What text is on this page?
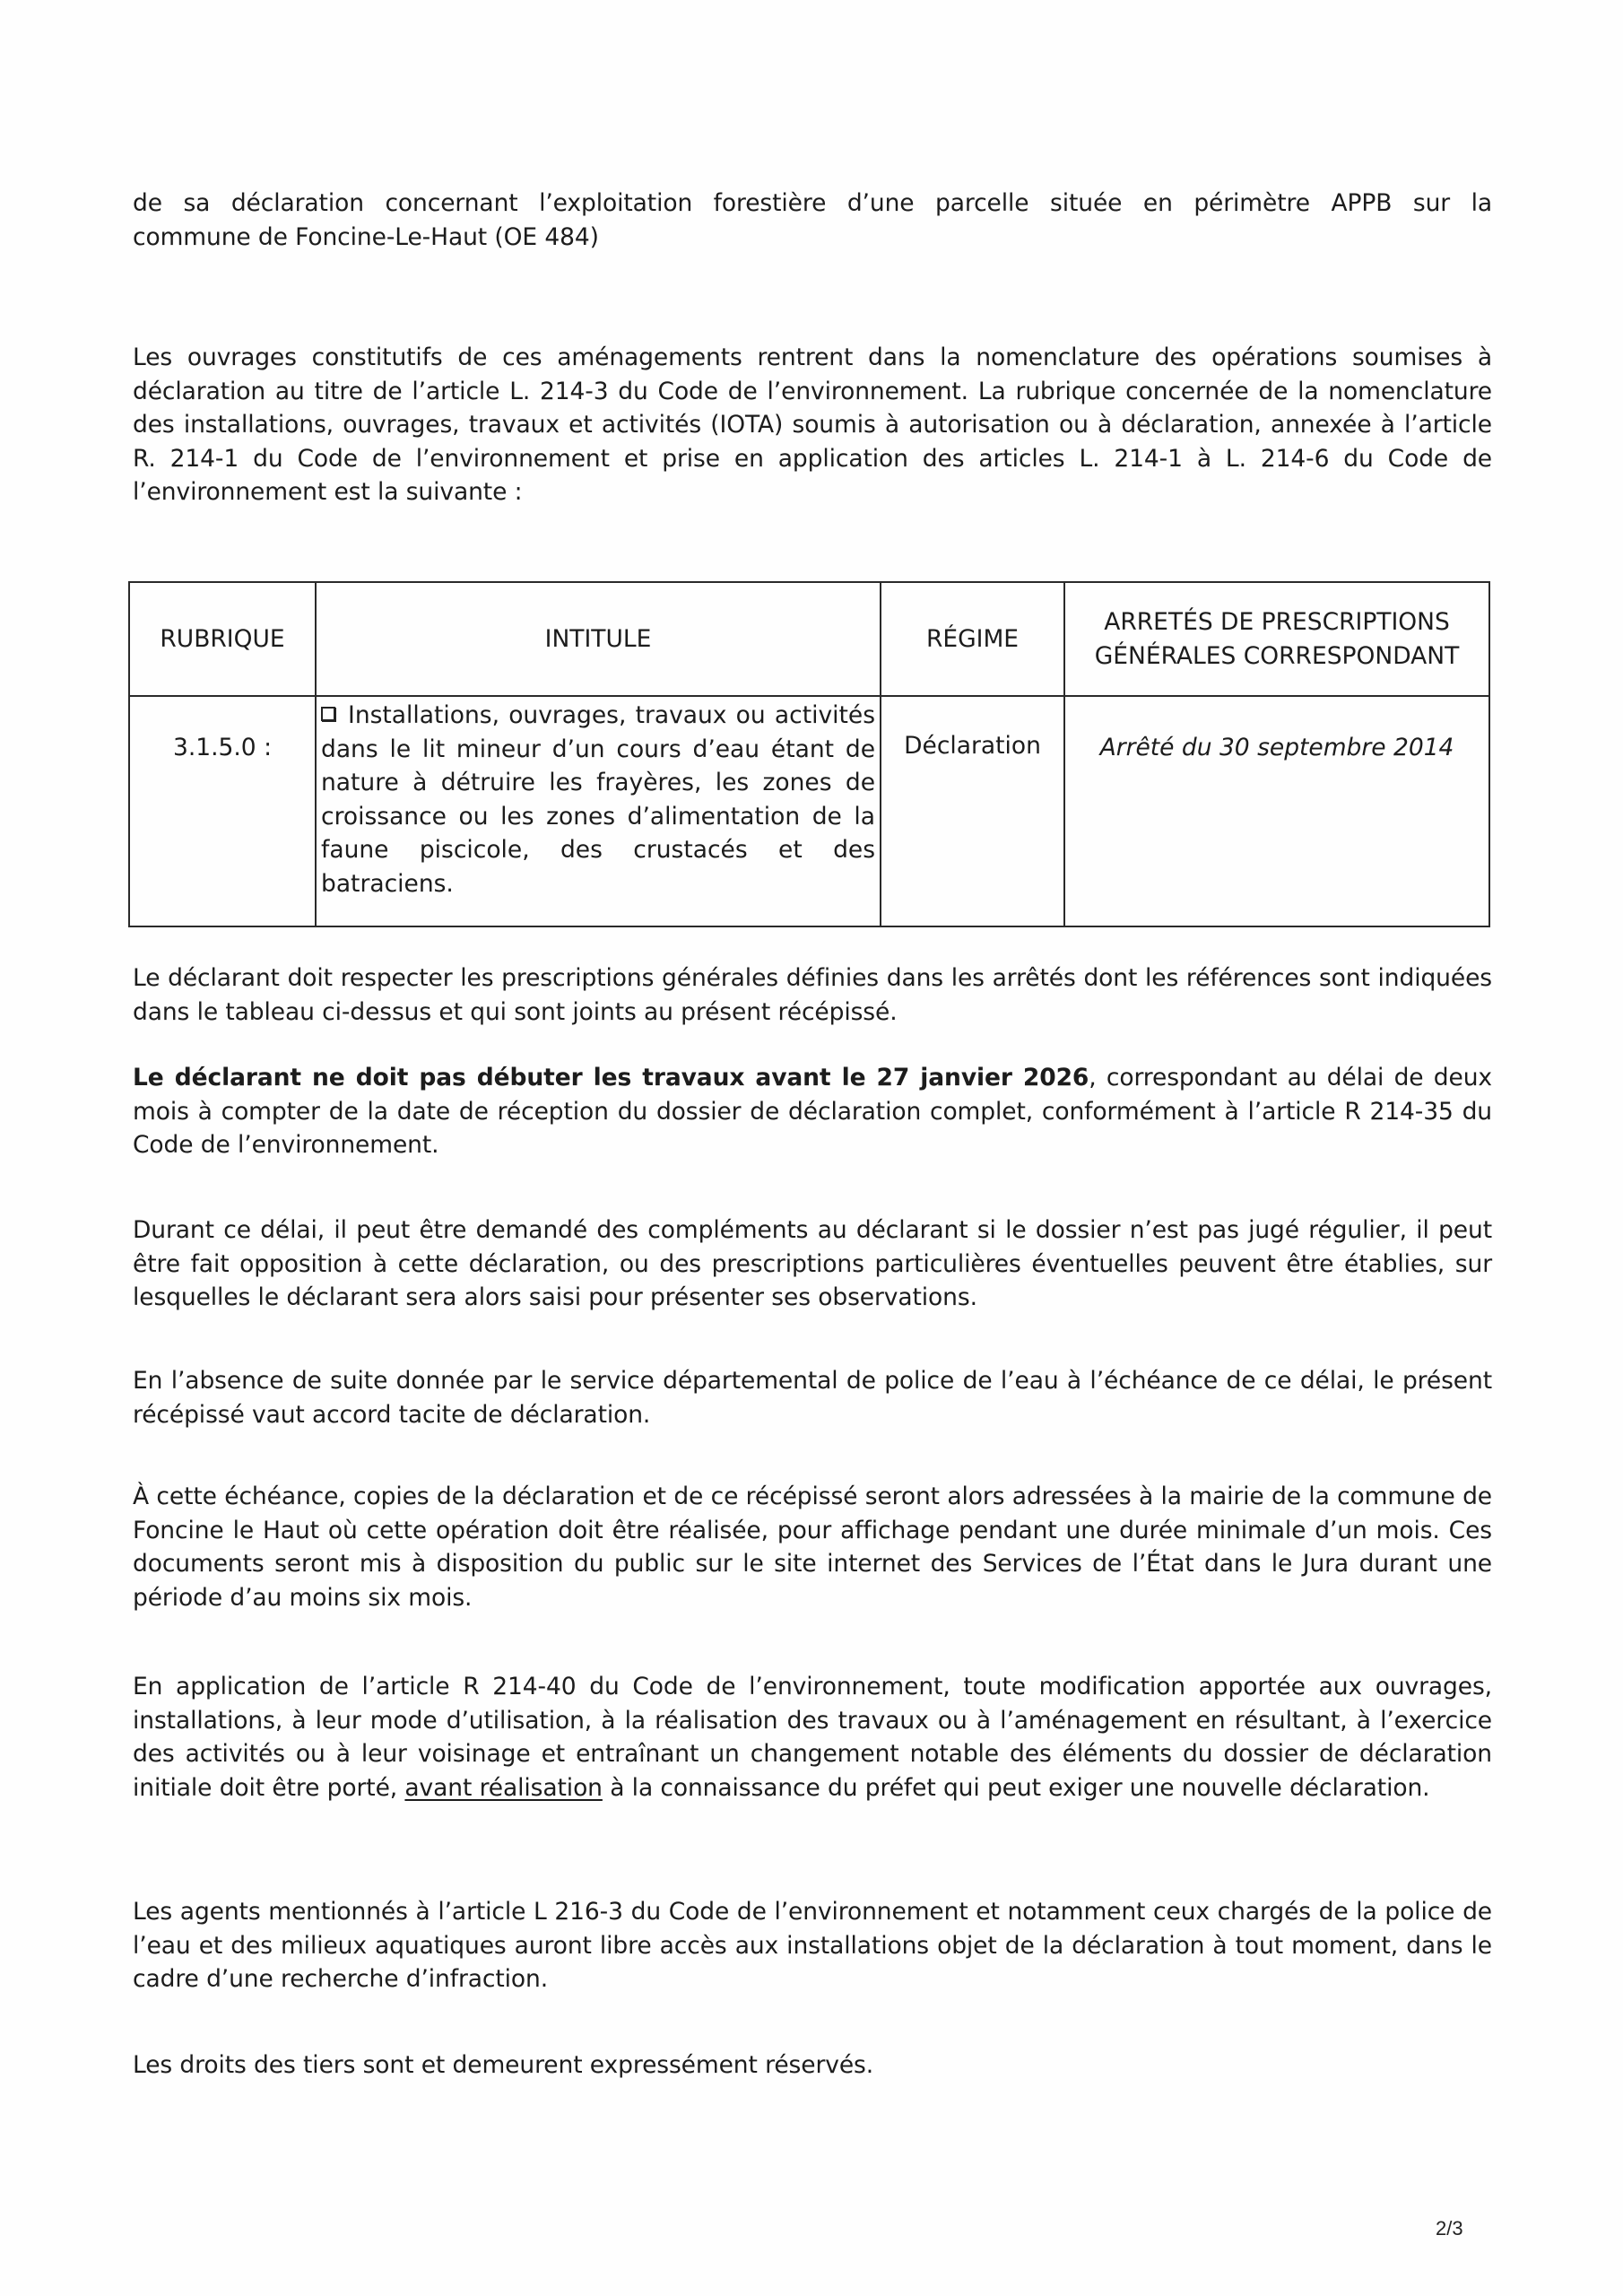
de sa déclaration concernant l’exploitation forestière d’une parcelle située en périmètre APPB sur la
commune de Foncine-Le-Haut (OE 484)

Les ouvrages constitutifs de ces aménagements rentrent dans la nomenclature des opérations soumises à déclaration au titre de l’article L. 214-3 du Code de l’environnement. La rubrique concernée de la nomenclature des installations, ouvrages, travaux et activités (IOTA) soumis à autorisation ou à déclaration, annexée à l’article R. 214-1 du Code de l’environnement et prise en application des articles L. 214-1 à L. 214-6 du Code de l’environnement est la suivante :

RUBRIQUE	INTITULE	RÉGIME	ARRETÉS DE PRESCRIPTIONS GÉNÉRALES CORRESPONDANT
3.1.5.0 :	Installations, ouvrages, travaux ou activités dans le lit mineur d’un cours d’eau étant de nature à détruire les frayères, les zones de croissance ou les zones d’alimentation de la faune piscicole, des crustacés et des batraciens.	Déclaration	Arrêté du 30 septembre 2014

Le déclarant doit respecter les prescriptions générales définies dans les arrêtés dont les références sont indiquées dans le tableau ci-dessus et qui sont joints au présent récépissé.

Le déclarant ne doit pas débuter les travaux avant le 27 janvier 2026, correspondant au délai de deux mois à compter de la date de réception du dossier de déclaration complet, conformément à l’article R 214-35 du Code de l’environnement.

Durant ce délai, il peut être demandé des compléments au déclarant si le dossier n’est pas jugé régulier, il peut être fait opposition à cette déclaration, ou des prescriptions particulières éventuelles peuvent être établies, sur lesquelles le déclarant sera alors saisi pour présenter ses observations.

En l’absence de suite donnée par le service départemental de police de l’eau à l’échéance de ce délai, le présent récépissé vaut accord tacite de déclaration.

À cette échéance, copies de la déclaration et de ce récépissé seront alors adressées à la mairie de la commune de Foncine le Haut où cette opération doit être réalisée, pour affichage pendant une durée minimale d’un mois. Ces documents seront mis à disposition du public sur le site internet des Services de l’État dans le Jura durant une période d’au moins six mois.

En application de l’article R 214-40 du Code de l’environnement, toute modification apportée aux ouvrages, installations, à leur mode d’utilisation, à la réalisation des travaux ou à l’aménagement en résultant, à l’exercice des activités ou à leur voisinage et entraînant un changement notable des éléments du dossier de déclaration initiale doit être porté, avant réalisation à la connaissance du préfet qui peut exiger une nouvelle déclaration.

Les agents mentionnés à l’article L 216-3 du Code de l’environnement et notamment ceux chargés de la police de l’eau et des milieux aquatiques auront libre accès aux installations objet de la déclaration à tout moment, dans le cadre d’une recherche d’infraction.

Les droits des tiers sont et demeurent expressément réservés.

2/3
